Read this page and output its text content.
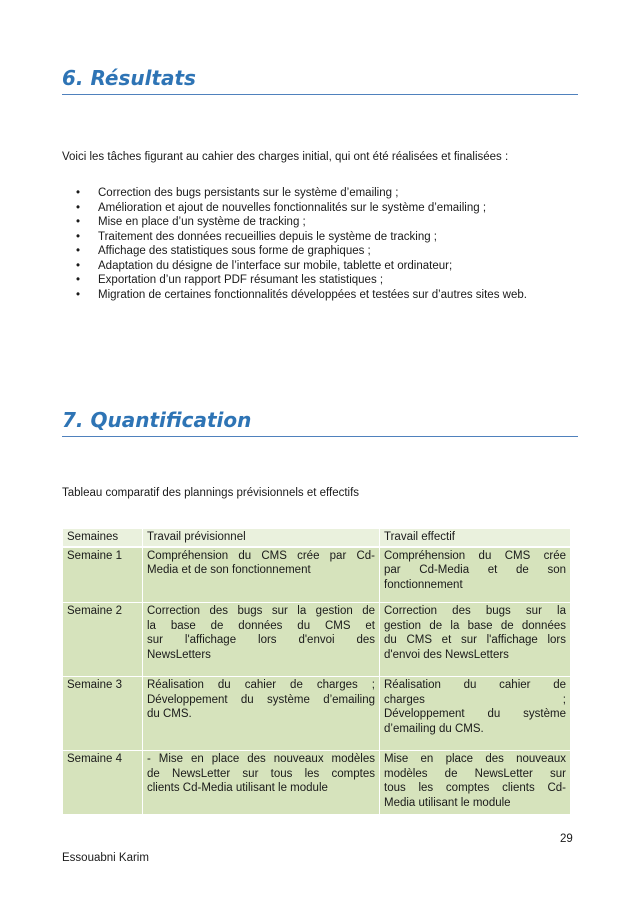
6. Résultats

Voici les tâches figurant au cahier des charges initial, qui ont été réalisées et finalisées :

• Correction des bugs persistants sur le système d’emailing ;
• Amélioration et ajout de nouvelles fonctionnalités sur le système d’emailing ;
• Mise en place d’un système de tracking ;
• Traitement des données recueillies depuis le système de tracking ;
• Affichage des statistiques sous forme de graphiques ;
• Adaptation du désigne de l’interface sur mobile, tablette et ordinateur;
• Exportation d’un rapport PDF résumant les statistiques ;
• Migration de certaines fonctionnalités développées et testées sur d’autres sites web.
7. Quantification

Tableau comparatif des plannings prévisionnels et effectifs

Semaines	Travail prévisionnel	Travail effectif
Semaine 1	Compréhension du CMS crée par Cd-
Media et de son fonctionnement	Compréhension du CMS crée
par Cd-Media et de son
fonctionnement

Semaine 2	Correction des bugs sur la gestion de
la base de données du CMS et
sur l'affichage lors d'envoi des
NewsLetters	Correction des bugs sur la
gestion de la base de données
du CMS et sur l'affichage lors
d'envoi des NewsLetters

Semaine 3	Réalisation du cahier de charges ;
Développement du système d’emailing
du CMS.	Réalisation du cahier de
charges ;
Développement du système
d’emailing du CMS.

Semaine 4	- Mise en place des nouveaux modèles
de NewsLetter sur tous les comptes
clients Cd-Media utilisant le module	Mise en place des nouveaux
modèles de NewsLetter sur
tous les comptes clients Cd-
Media utilisant le module
29
Essouabni Karim
